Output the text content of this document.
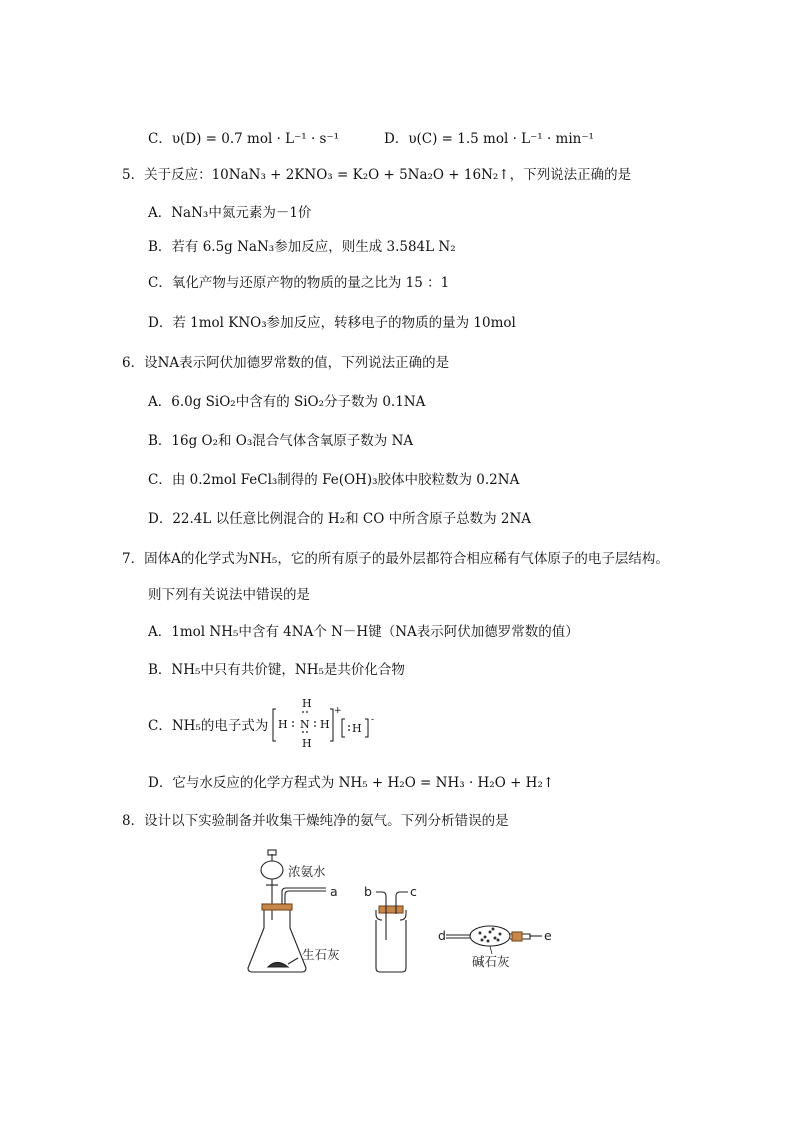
C．υ(D) = 0.7 mol · L⁻¹ · s⁻¹	D．υ(C) = 1.5 mol · L⁻¹ · min⁻¹
5．关于反应：10NaN₃ + 2KNO₃ = K₂O + 5Na₂O + 16N₂↑，下列说法正确的是
A．NaN₃中氮元素为－1价
B．若有 6.5g NaN₃参加反应，则生成 3.584L N₂
C．氧化产物与还原产物的物质的量之比为 15 ：1
D．若 1mol KNO₃参加反应，转移电子的物质的量为 10mol
6．设NA表示阿伏加德罗常数的值，下列说法正确的是
A．6.0g SiO₂中含有的 SiO₂分子数为 0.1NA
B．16g O₂和 O₃混合气体含氧原子数为 NA
C．由 0.2mol FeCl₃制得的 Fe(OH)₃胶体中胶粒数为 0.2NA
D．22.4L 以任意比例混合的 H₂和 CO 中所含原子总数为 2NA
7．固体A的化学式为NH₅，它的所有原子的最外层都符合相应稀有气体原子的电子层结构。
则下列有关说法中错误的是
A．1mol NH₅中含有 4NA个 N－H键（NA表示阿伏加德罗常数的值）
B．NH₅中只有共价键，NH₅是共价化合物
C．NH₅的电子式为
H
H N H
H
+
H
-
D．它与水反应的化学方程式为 NH₅ + H₂O = NH₃ · H₂O + H₂↑
8．设计以下实验制备并收集干燥纯净的氨气。下列分析错误的是
浓氨水
a
生石灰
b	c
d	e
碱石灰
